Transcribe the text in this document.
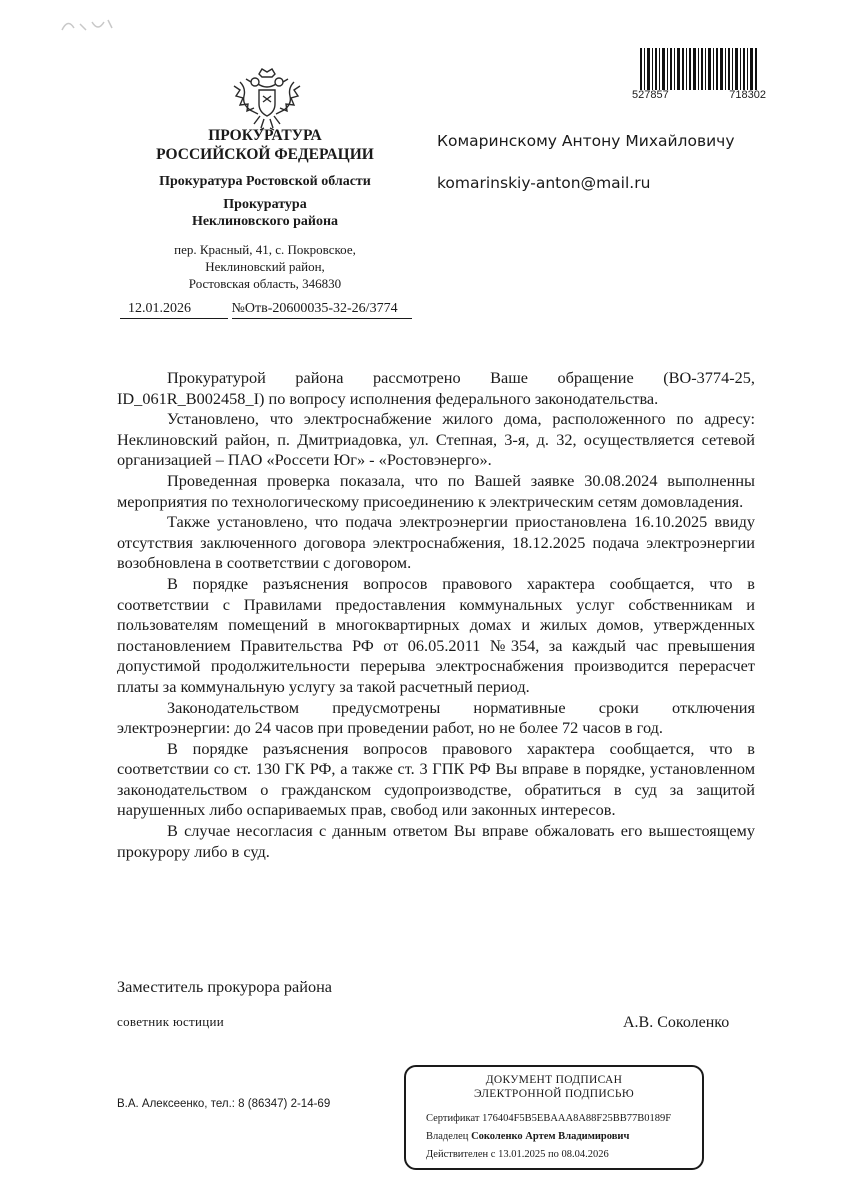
ПРОКУРАТУРА
РОССИЙСКОЙ ФЕДЕРАЦИИ
Прокуратура Ростовской области
Прокуратура
Неклиновского района
пер. Красный, 41, с. Покровское,
Неклиновский район,
Ростовская область, 346830
12.01.2026	№Отв-20600035-32-26/3774
527857	718302
Комаринскому Антону Михайловичу
komarinskiy-anton@mail.ru

Прокуратурой района рассмотрено Ваше обращение (ВО-3774-25, ID_061R_B002458_I) по вопросу исполнения федерального законодательства.

Установлено, что электроснабжение жилого дома, расположенного по адресу: Неклиновский район, п. Дмитриадовка, ул. Степная, 3-я, д. 32, осуществляется сетевой организацией – ПАО «Россети Юг» - «Ростовэнерго».

Проведенная проверка показала, что по Вашей заявке 30.08.2024 выполненны мероприятия по технологическому присоединению к электрическим сетям домовладения.

Также установлено, что подача электроэнергии приостановлена 16.10.2025 ввиду отсутствия заключенного договора электроснабжения, 18.12.2025 подача электроэнергии возобновлена в соответствии с договором.

В порядке разъяснения вопросов правового характера сообщается, что в соответствии с Правилами предоставления коммунальных услуг собственникам и пользователям помещений в многоквартирных домах и жилых домов, утвержденных постановлением Правительства РФ от 06.05.2011 №354, за каждый час превышения допустимой продолжительности перерыва электроснабжения производится перерасчет платы за коммунальную услугу за такой расчетный период.

Законодательством предусмотрены нормативные сроки отключения электроэнергии: до 24 часов при проведении работ, но не более 72 часов в год.

В порядке разъяснения вопросов правового характера сообщается, что в соответствии со ст. 130 ГК РФ, а также ст. 3 ГПК РФ Вы вправе в порядке, установленном законодательством о гражданском судопроизводстве, обратиться в суд за защитой нарушенных либо оспариваемых прав, свобод или законных интересов.

В случае несогласия с данным ответом Вы вправе обжаловать его вышестоящему прокурору либо в суд.

Заместитель прокурора района
советник юстиции	А.В. Соколенко
В.А. Алексеенко, тел.: 8 (86347) 2-14-69
ДОКУМЕНТ ПОДПИСАН
ЭЛЕКТРОННОЙ ПОДПИСЬЮ
Сертификат 176404F5B5EBAAA8A88F25BB77B0189F
Владелец Соколенко Артем Владимирович
Действителен с 13.01.2025 по 08.04.2026
